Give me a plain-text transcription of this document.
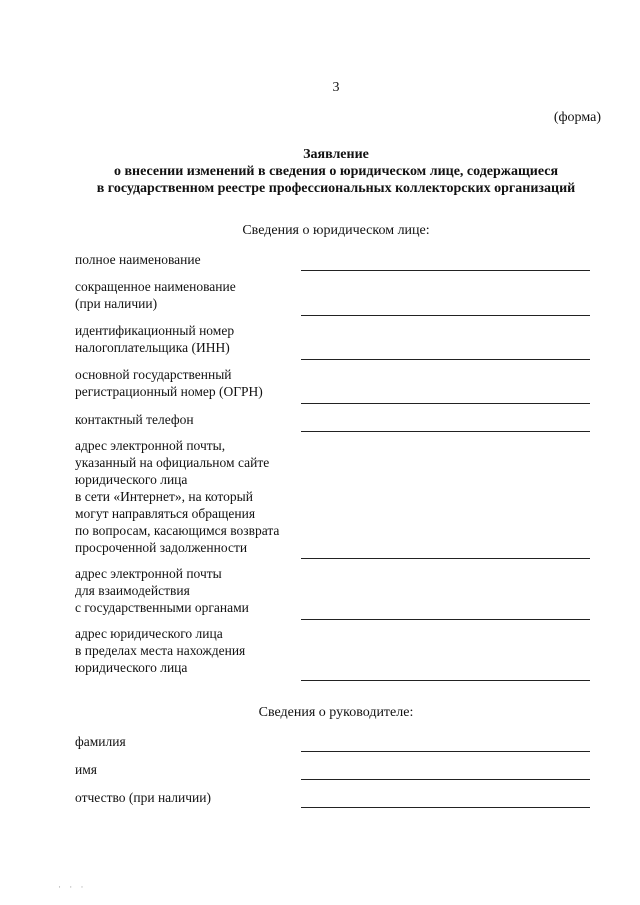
3
(форма)
Заявление
о внесении изменений в сведения о юридическом лице, содержащиеся
в государственном реестре профессиональных коллекторских организаций
Сведения о юридическом лице:
полное наименование
сокращенное наименование
(при наличии)
идентификационный номер
налогоплательщика (ИНН)
основной государственный
регистрационный номер (ОГРН)
контактный телефон
адрес электронной почты,
указанный на официальном сайте
юридического лица
в сети «Интернет», на который
могут направляться обращения
по вопросам, касающимся возврата
просроченной задолженности
адрес электронной почты
для взаимодействия
с государственными органами
адрес юридического лица
в пределах места нахождения
юридического лица
Сведения о руководителе:
фамилия
имя
отчество (при наличии)
· · ·
